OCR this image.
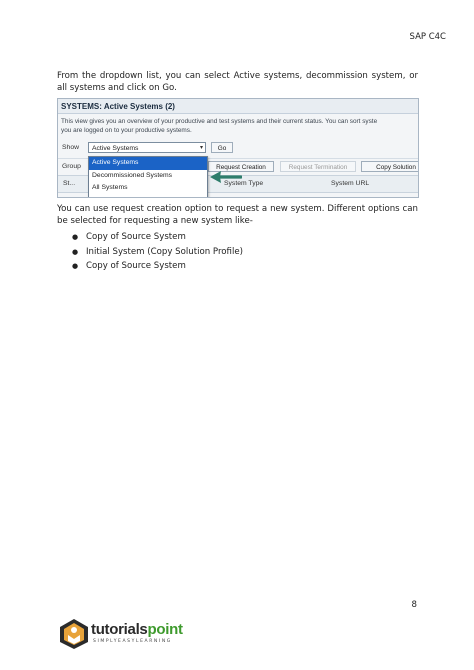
SAP C4C
From the dropdown list, you can select Active systems, decommission system, or all systems and click on Go.
SYSTEMS: Active Systems (2)
This view gives you an overview of your productive and test systems and their current status. You can sort syste
you are logged on to your productive systems.
Show	Active Systems	▾	Go
Group	Request Creation	Request Termination	Copy Solution
St...	System Type	System URL
Active Systems
Decommissioned Systems
All Systems
You can use request creation option to request a new system. Different options can be selected for requesting a new system like-
● Copy of Source System
● Initial System (Copy Solution Profile)
● Copy of Source System
8
tutorialspoint
SIMPLYEASYLEARNING
